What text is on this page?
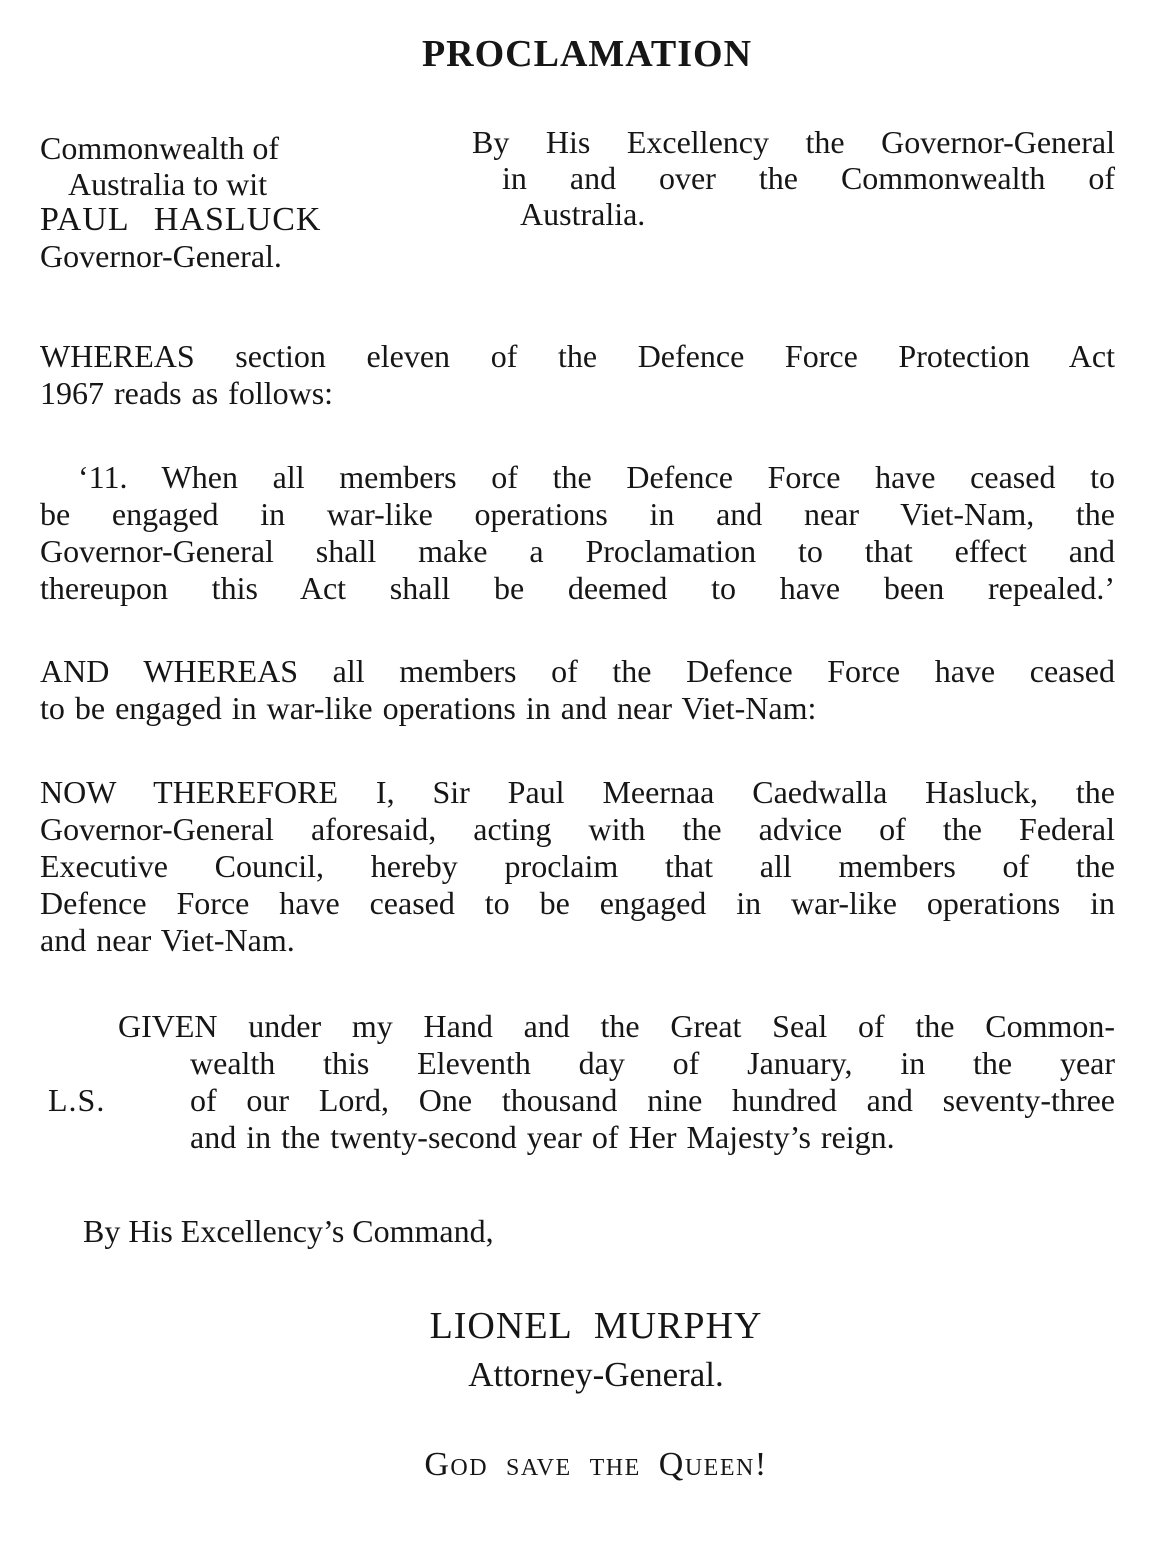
PROCLAMATION
Commonwealth of
Australia to wit
PAUL HASLUCK
Governor-General.
By His Excellency the Governor-General
in and over the Commonwealth of
Australia.
WHEREAS section eleven of the Defence Force Protection Act
1967 reads as follows:
‘11. When all members of the Defence Force have ceased to
be engaged in war-like operations in and near Viet-Nam, the
Governor-General shall make a Proclamation to that effect and
thereupon this Act shall be deemed to have been repealed.’
AND WHEREAS all members of the Defence Force have ceased
to be engaged in war-like operations in and near Viet-Nam:
NOW THEREFORE I, Sir Paul Meernaa Caedwalla Hasluck, the
Governor-General aforesaid, acting with the advice of the Federal
Executive Council, hereby proclaim that all members of the
Defence Force have ceased to be engaged in war-like operations in
and near Viet-Nam.
GIVEN under my Hand and the Great Seal of the Common-
wealth this Eleventh day of January, in the year
of our Lord, One thousand nine hundred and seventy-three
and in the twenty-second year of Her Majesty’s reign.
L.S.
By His Excellency’s Command,
LIONEL MURPHY
Attorney-General.
God save the Queen!
